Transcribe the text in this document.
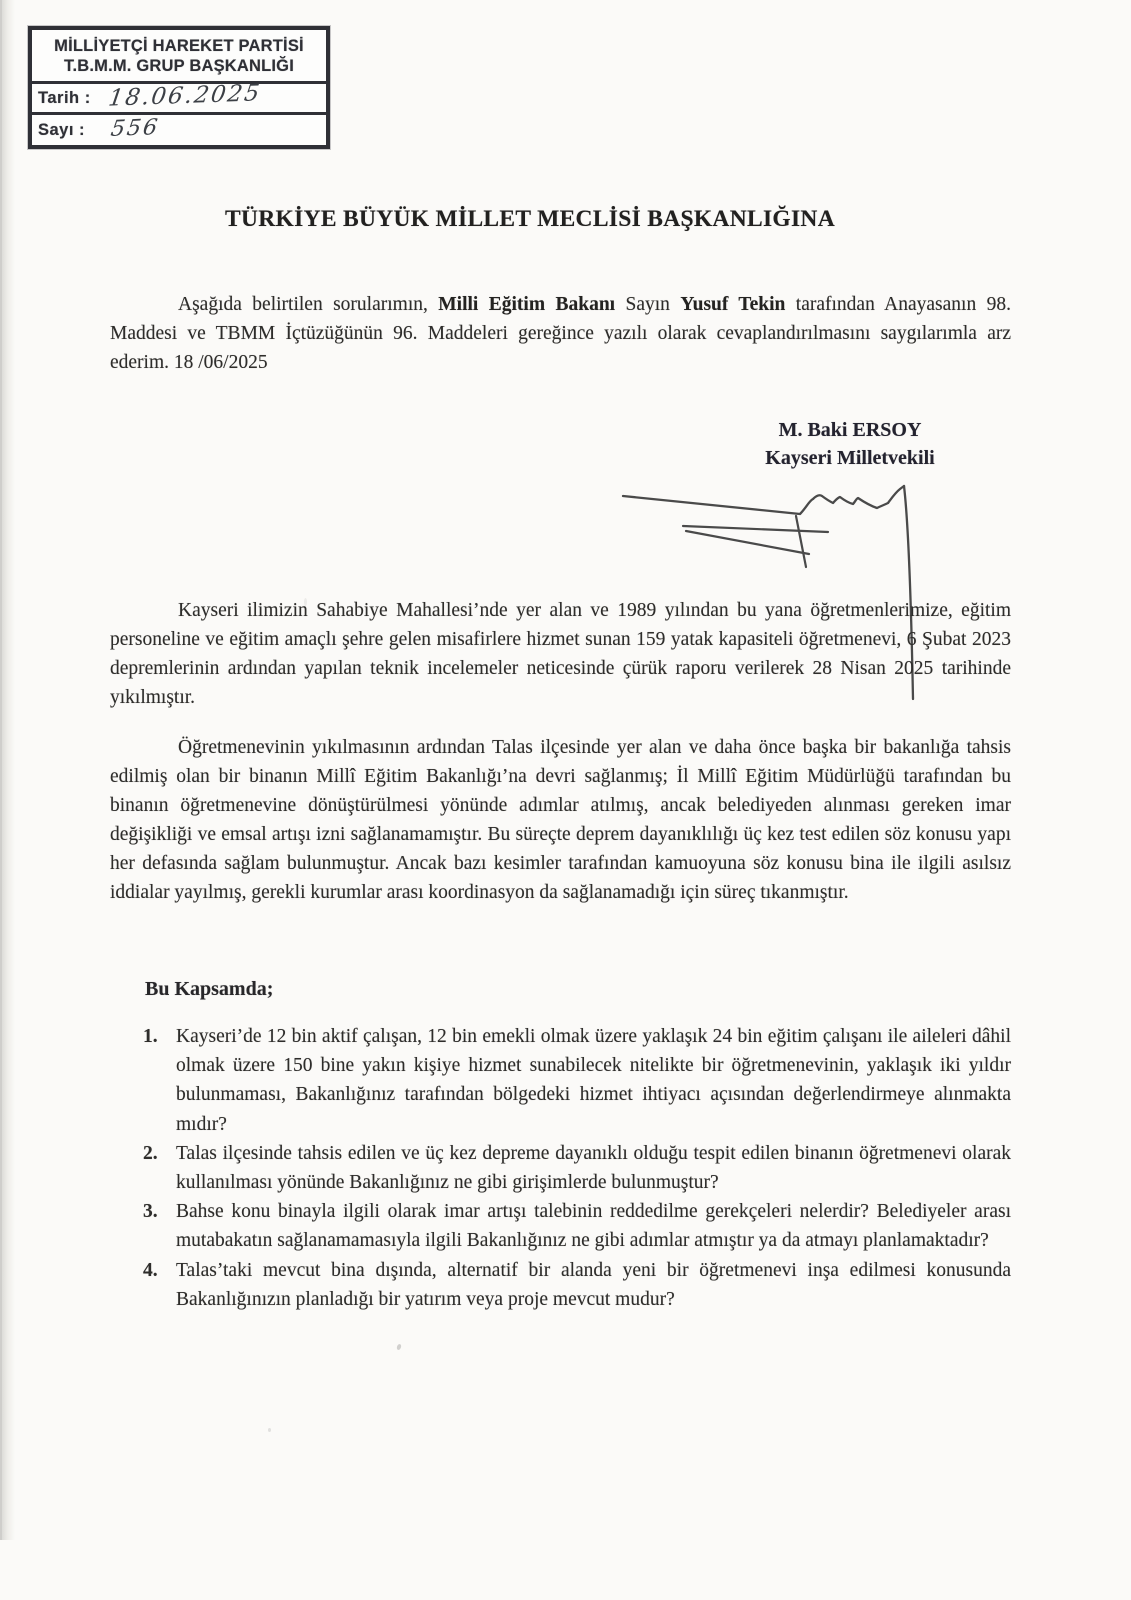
MİLLİYETÇİ HAREKET PARTİSİ
T.B.M.M. GRUP BAŞKANLIĞI
Tarih : 18.06.2025
Sayı : 556
TÜRKİYE BÜYÜK MİLLET MECLİSİ BAŞKANLIĞINA

Aşağıda belirtilen sorularımın, Milli Eğitim Bakanı Sayın Yusuf Tekin tarafından Anayasanın 98. Maddesi ve TBMM İçtüzüğünün 96. Maddeleri gereğince yazılı olarak cevaplandırılmasını saygılarımla arz ederim. 18 /06/2025

M. Baki ERSOY
Kayseri Milletvekili

Kayseri ilimizin Sahabiye Mahallesi’nde yer alan ve 1989 yılından bu yana öğretmenlerimize, eğitim personeline ve eğitim amaçlı şehre gelen misafirlere hizmet sunan 159 yatak kapasiteli öğretmenevi, 6 Şubat 2023 depremlerinin ardından yapılan teknik incelemeler neticesinde çürük raporu verilerek 28 Nisan 2025 tarihinde yıkılmıştır.

Öğretmenevinin yıkılmasının ardından Talas ilçesinde yer alan ve daha önce başka bir bakanlığa tahsis edilmiş olan bir binanın Millî Eğitim Bakanlığı’na devri sağlanmış; İl Millî Eğitim Müdürlüğü tarafından bu binanın öğretmenevine dönüştürülmesi yönünde adımlar atılmış, ancak belediyeden alınması gereken imar değişikliği ve emsal artışı izni sağlanamamıştır. Bu süreçte deprem dayanıklılığı üç kez test edilen söz konusu yapı her defasında sağlam bulunmuştur. Ancak bazı kesimler tarafından kamuoyuna söz konusu bina ile ilgili asılsız iddialar yayılmış, gerekli kurumlar arası koordinasyon da sağlanamadığı için süreç tıkanmıştır.

Bu Kapsamda;
1. Kayseri’de 12 bin aktif çalışan, 12 bin emekli olmak üzere yaklaşık 24 bin eğitim çalışanı ile aileleri dâhil olmak üzere 150 bine yakın kişiye hizmet sunabilecek nitelikte bir öğretmenevinin, yaklaşık iki yıldır bulunmaması, Bakanlığınız tarafından bölgedeki hizmet ihtiyacı açısından değerlendirmeye alınmakta mıdır?
2. Talas ilçesinde tahsis edilen ve üç kez depreme dayanıklı olduğu tespit edilen binanın öğretmenevi olarak kullanılması yönünde Bakanlığınız ne gibi girişimlerde bulunmuştur?
3. Bahse konu binayla ilgili olarak imar artışı talebinin reddedilme gerekçeleri nelerdir? Belediyeler arası mutabakatın sağlanamamasıyla ilgili Bakanlığınız ne gibi adımlar atmıştır ya da atmayı planlamaktadır?
4. Talas’taki mevcut bina dışında, alternatif bir alanda yeni bir öğretmenevi inşa edilmesi konusunda Bakanlığınızın planladığı bir yatırım veya proje mevcut mudur?
